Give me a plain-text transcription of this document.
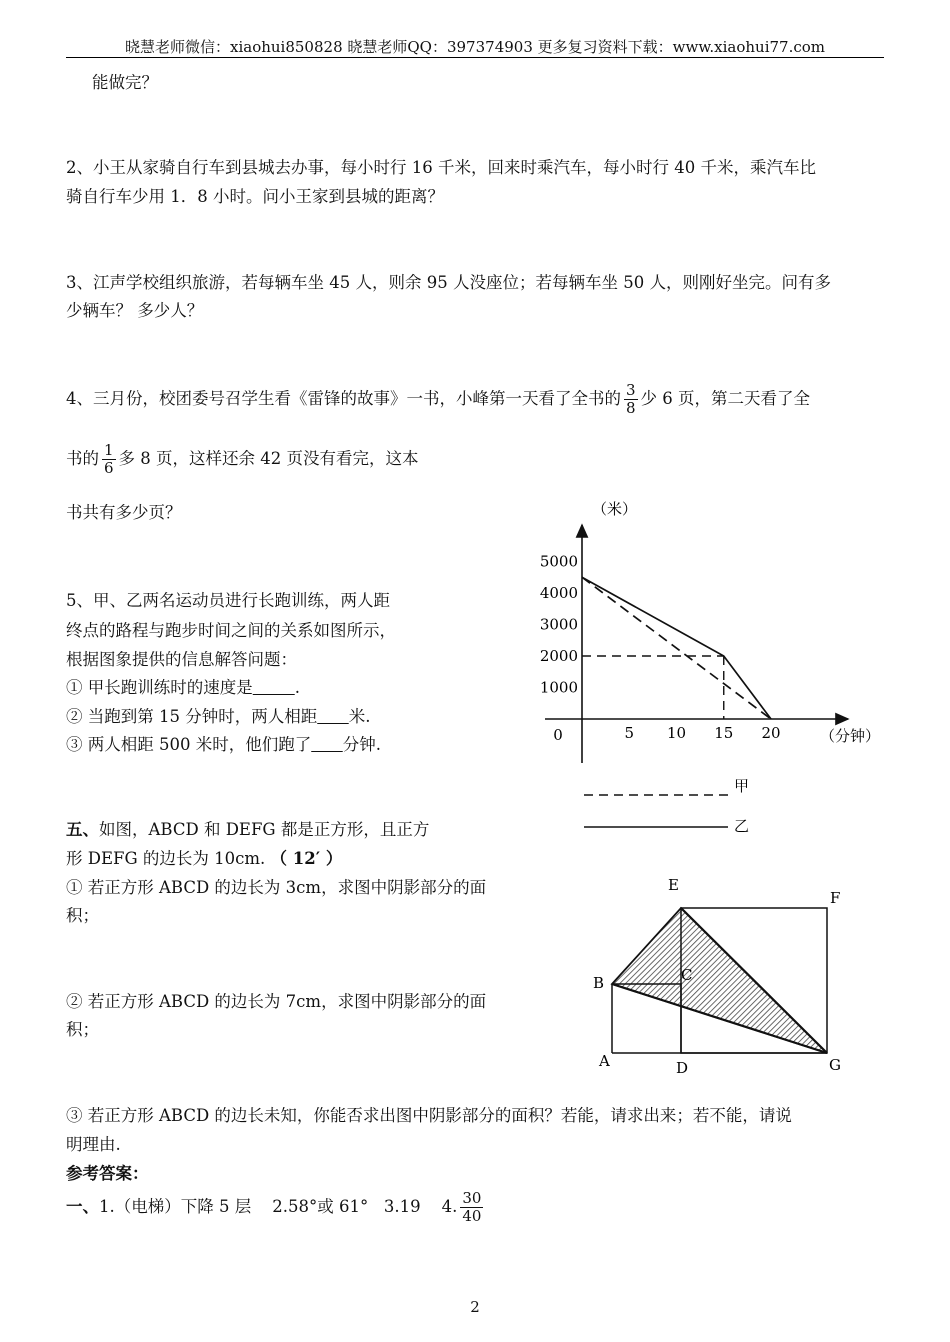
晓慧老师微信：xiaohui850828 晓慧老师QQ：397374903 更多复习资料下载：www.xiaohui77.com
能做完？
2、小王从家骑自行车到县城去办事，每小时行 16 千米，回来时乘汽车，每小时行 40 千米，乘汽车比
骑自行车少用 1．8 小时。问小王家到县城的距离？
3、江声学校组织旅游，若每辆车坐 45 人，则余 95 人没座位；若每辆车坐 50 人，则刚好坐完。问有多
少辆车？ 多少人？
4、三月份，校团委号召学生看《雷锋的故事》一书，小峰第一天看了全书的 $\frac{3}{8}$ 少 6 页，第二天看了全
书的 $\frac{1}{6}$ 多 8 页，这样还余 42 页没有看完，这本
书共有多少页？
5、甲、乙两名运动员进行长跑训练，两人距
终点的路程与跑步时间之间的关系如图所示，
根据图象提供的信息解答问题：
① 甲长跑训练时的速度是	.
② 当跑到第 15 分钟时，两人相距 米.
③ 两人相距 500 米时，他们跑了 分钟.
（米）
（分钟）
0
1000
2000
3000
4000
5000
5 10 15 20
甲
乙
五、如图，ABCD 和 DEFG 都是正方形，且正方
形 DEFG 的边长为 10cm. （ 12′ ）
① 若正方形 ABCD 的边长为 3cm，求图中阴影部分的面
积；
② 若正方形 ABCD 的边长为 7cm，求图中阴影部分的面
积；
E
F
B	C
A	D	G
③ 若正方形 ABCD 的边长未知，你能否求出图中阴影部分的面积？若能，请求出来；若不能，请说
明理由.
参考答案：
一、1.（电梯）下降 5 层    2.58°或 61°   3.19    4. $\frac{30}{40}$
2
